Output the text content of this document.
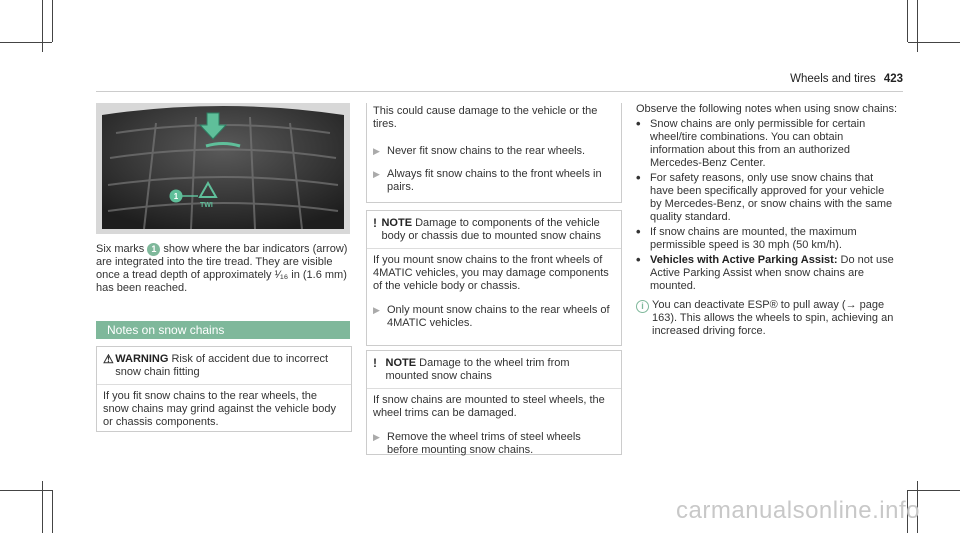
Wheels and tires 423
TWI
1
Six marks 1 show where the bar indicators (arrow) are integrated into the tire tread. They are visible once a tread depth of approximately ¹⁄₁₆ in (1.6 mm) has been reached.
Notes on snow chains
⚠ WARNING Risk of accident due to incorrect snow chain fitting
If you fit snow chains to the rear wheels, the snow chains may grind against the vehicle body or chassis components.
This could cause damage to the vehicle or the tires.
▶ Never fit snow chains to the rear wheels.
▶ Always fit snow chains to the front wheels in pairs.
! NOTE Damage to components of the vehicle body or chassis due to mounted snow chains
If you mount snow chains to the front wheels of 4MATIC vehicles, you may damage components of the vehicle body or chassis.
▶ Only mount snow chains to the rear wheels of 4MATIC vehicles.
! NOTE Damage to the wheel trim from mounted snow chains
If snow chains are mounted to steel wheels, the wheel trims can be damaged.
▶ Remove the wheel trims of steel wheels before mounting snow chains.
Observe the following notes when using snow chains:
• Snow chains are only permissible for certain wheel/tire combinations. You can obtain information about this from an authorized Mercedes-Benz Center.
• For safety reasons, only use snow chains that have been specifically approved for your vehicle by Mercedes-Benz, or snow chains with the same quality standard.
• If snow chains are mounted, the maximum permissible speed is 30 mph (50 km/h).
• Vehicles with Active Parking Assist: Do not use Active Parking Assist when snow chains are mounted.
i You can deactivate ESP® to pull away (→ page 163). This allows the wheels to spin, achieving an increased driving force.
carmanualsonline.info
